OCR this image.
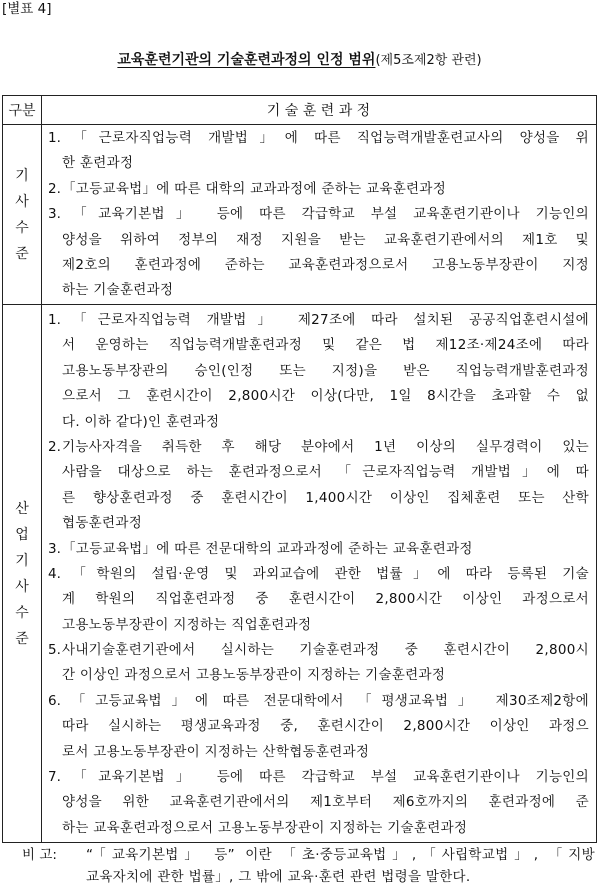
[별표 4]
교육훈련기관의 기술훈련과정의 인정 범위(제5조제2항 관련)
구분	기 술 훈 련 과 정
기사수준
1.「근로자직업능력 개발법」에 따른 직업능력개발훈련교사의 양성을 위
한 훈련과정
2.「고등교육법」에 따른 대학의 교과과정에 준하는 교육훈련과정
3.「교육기본법」 등에 따른 각급학교 부설 교육훈련기관이나 기능인의
양성을 위하여 정부의 재정 지원을 받는 교육훈련기관에서의 제1호 및
제2호의 훈련과정에 준하는 교육훈련과정으로서 고용노동부장관이 지정
하는 기술훈련과정
산업기사수준
1.「근로자직업능력 개발법」 제27조에 따라 설치된 공공직업훈련시설에
서 운영하는 직업능력개발훈련과정 및 같은 법 제12조·제24조에 따라
고용노동부장관의 승인(인정 또는 지정)을 받은 직업능력개발훈련과정
으로서 그 훈련시간이 2,800시간 이상(다만, 1일 8시간을 초과할 수 없
다. 이하 같다)인 훈련과정
2.기능사자격을 취득한 후 해당 분야에서 1년 이상의 실무경력이 있는
사람을 대상으로 하는 훈련과정으로서 「근로자직업능력 개발법」에 따
른 향상훈련과정 중 훈련시간이 1,400시간 이상인 집체훈련 또는 산학
협동훈련과정
3.「고등교육법」에 따른 전문대학의 교과과정에 준하는 교육훈련과정
4.「학원의 설립·운영 및 과외교습에 관한 법률」에 따라 등록된 기술
계 학원의 직업훈련과정 중 훈련시간이 2,800시간 이상인 과정으로서
고용노동부장관이 지정하는 직업훈련과정
5.사내기술훈련기관에서 실시하는 기술훈련과정 중 훈련시간이 2,800시
간 이상인 과정으로서 고용노동부장관이 지정하는 기술훈련과정
6.「고등교육법」에 따른 전문대학에서 「평생교육법」 제30조제2항에
따라 실시하는 평생교육과정 중, 훈련시간이 2,800시간 이상인 과정으
로서 고용노동부장관이 지정하는 산학협동훈련과정
7.「교육기본법」 등에 따른 각급학교 부설 교육훈련기관이나 기능인의
양성을 위한 교육훈련기관에서의 제1호부터 제6호까지의 훈련과정에 준
하는 교육훈련과정으로서 고용노동부장관이 지정하는 기술훈련과정
비 고:	“「교육기본법」 등” 이란 「초·중등교육법」,「사립학교법」, 「지방
교육자치에 관한 법률」, 그 밖에 교육·훈련 관련 법령을 말한다.
